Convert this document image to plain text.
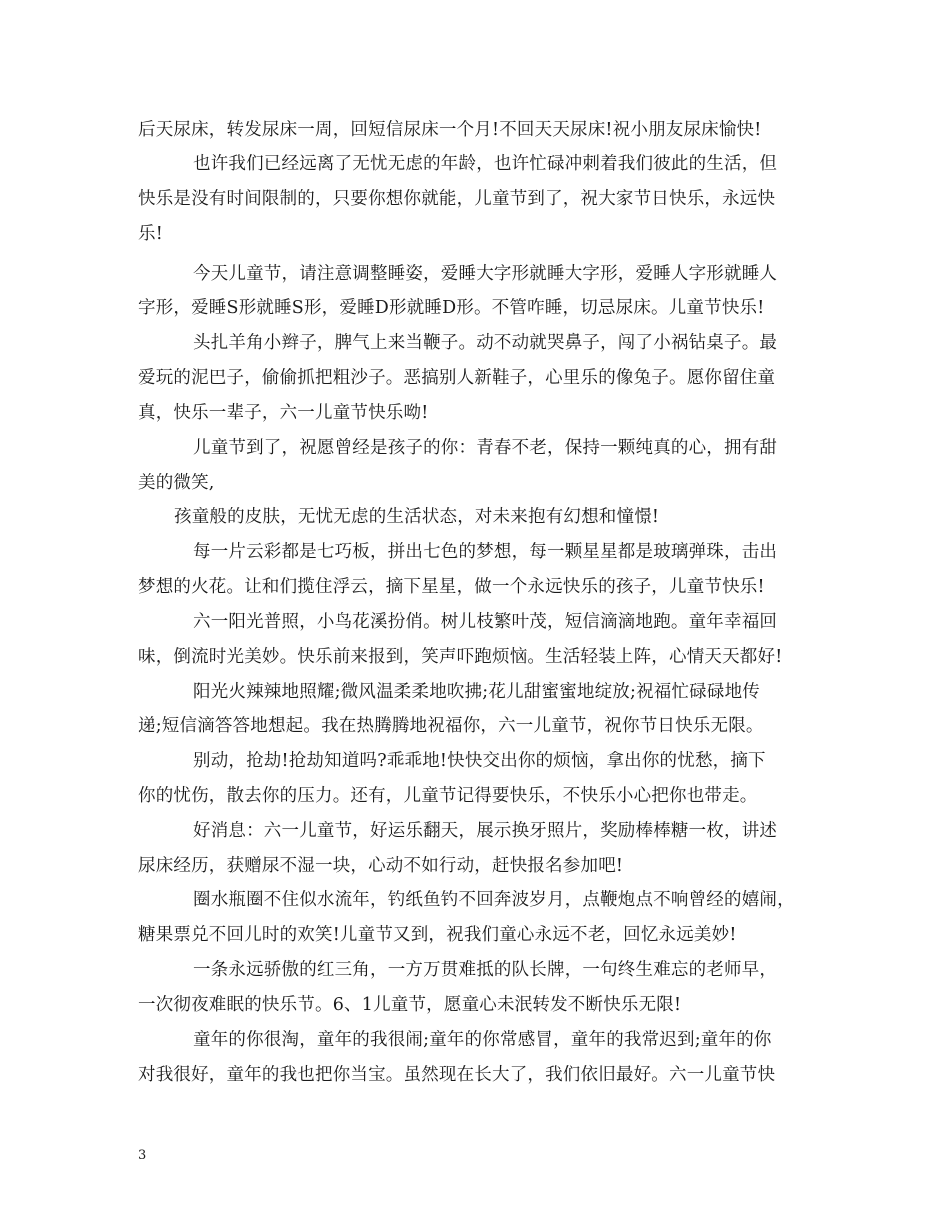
后天尿床，转发尿床一周，回短信尿床一个月!不回天天尿床!祝小朋友尿床愉快!
也许我们已经远离了无忧无虑的年龄，也许忙碌冲刺着我们彼此的生活，但
快乐是没有时间限制的，只要你想你就能，儿童节到了，祝大家节日快乐，永远快
乐!
今天儿童节，请注意调整睡姿，爱睡大字形就睡大字形，爱睡人字形就睡人
字形，爱睡S形就睡S形，爱睡D形就睡D形。不管咋睡，切忌尿床。儿童节快乐!
头扎羊角小辫子，脾气上来当鞭子。动不动就哭鼻子，闯了小祸钻桌子。最
爱玩的泥巴子，偷偷抓把粗沙子。恶搞别人新鞋子，心里乐的像兔子。愿你留住童
真，快乐一辈子，六一儿童节快乐呦!
儿童节到了，祝愿曾经是孩子的你：青春不老，保持一颗纯真的心，拥有甜
美的微笑,
孩童般的皮肤，无忧无虑的生活状态，对未来抱有幻想和憧憬!
每一片云彩都是七巧板，拼出七色的梦想，每一颗星星都是玻璃弹珠，击出
梦想的火花。让和们揽住浮云，摘下星星，做一个永远快乐的孩子，儿童节快乐!
六一阳光普照，小鸟花溪扮俏。树儿枝繁叶茂，短信滴滴地跑。童年幸福回
味，倒流时光美妙。快乐前来报到，笑声吓跑烦恼。生活轻装上阵，心情天天都好!
阳光火辣辣地照耀;微风温柔柔地吹拂;花儿甜蜜蜜地绽放;祝福忙碌碌地传
递;短信滴答答地想起。我在热腾腾地祝福你，六一儿童节，祝你节日快乐无限。
别动，抢劫!抢劫知道吗?乖乖地!快快交出你的烦恼，拿出你的忧愁，摘下
你的忧伤，散去你的压力。还有，儿童节记得要快乐，不快乐小心把你也带走。
好消息：六一儿童节，好运乐翻天，展示换牙照片，奖励棒棒糖一枚，讲述
尿床经历，获赠尿不湿一块，心动不如行动，赶快报名参加吧!
圈水瓶圈不住似水流年，钓纸鱼钓不回奔波岁月，点鞭炮点不响曾经的嬉闹，
糖果票兑不回儿时的欢笑!儿童节又到，祝我们童心永远不老，回忆永远美妙!
一条永远骄傲的红三角，一方万贯难抵的队长牌，一句终生难忘的老师早，
一次彻夜难眠的快乐节。6、1儿童节，愿童心未泯转发不断快乐无限!
童年的你很淘，童年的我很闹;童年的你常感冒，童年的我常迟到;童年的你
对我很好，童年的我也把你当宝。虽然现在长大了，我们依旧最好。六一儿童节快
3
